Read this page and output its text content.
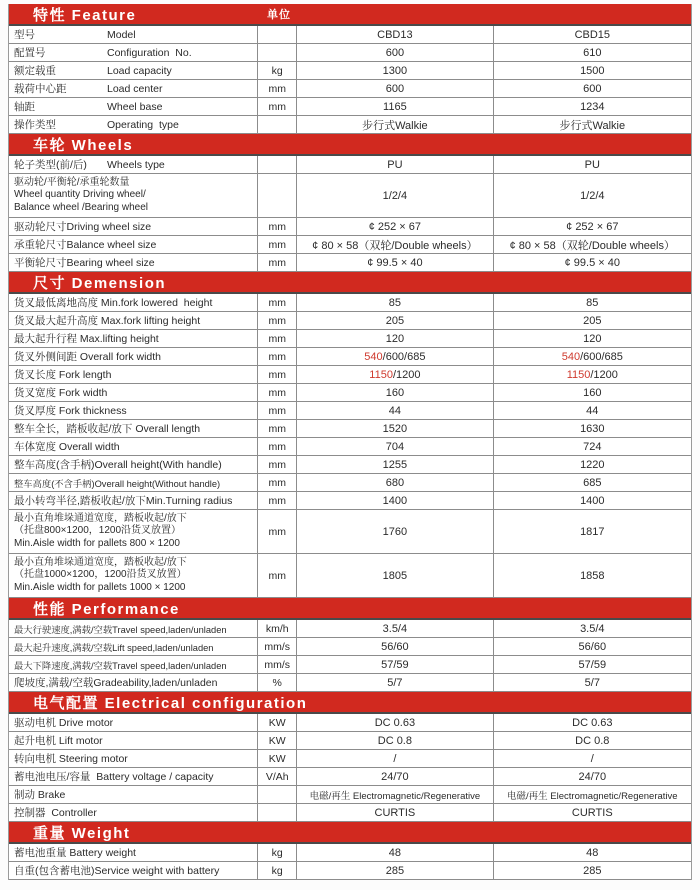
特性 Feature	单位
型号	Model	CBD13	CBD15
配置号	Configuration  No.	600	610
额定载重	Load capacity	kg	1300	1500
载荷中心距	Load center	mm	600	600
轴距	Wheel base	mm	1165	1234
操作类型	Operating  type	步行式Walkie	步行式Walkie
车轮 Wheels
轮子类型(前/后)	Wheels type	PU	PU
驱动轮/平衡轮/承重轮数量
Wheel quantity Driving wheel/
Balance wheel /Bearing wheel
1/2/4	1/2/4
驱动轮尺寸Driving wheel size	mm	¢ 252 × 67	¢ 252 × 67
承重轮尺寸Balance wheel size	mm ¢ 80 × 58（双轮/Double wheels）	¢ 80 × 58（双轮/Double wheels）
平衡轮尺寸Bearing wheel size	mm	¢ 99.5 × 40	¢ 99.5 × 40
尺寸 Demension
货叉最低离地高度 Min.fork lowered  height	mm	85	85
货叉最大起升高度 Max.fork lifting height	mm	205	205
最大起升行程 Max.lifting height	mm	120	120
货叉外侧间距 Overall fork width	mm	540 /600/685	540 /600/685
货叉长度 Fork length	mm	1150 /1200	1150 /1200
货叉宽度 Fork width	mm	160	160
货叉厚度 Fork thickness	mm	44	44
整车全长，踏板收起/放下 Overall length	mm	1520	1630
车体宽度 Overall width	mm	704	724
整车高度(含手柄)Overall height(With handle)	mm	1255	1220
整车高度(不含手柄)Overall height(Without handle)	mm	680	685
最小转弯半径,踏板收起/放下Min.Turning radius	mm	1400	1400
最小直角堆垛通道宽度，踏板收起/放下
（托盘800×1200，1200沿货叉放置）
Min.Aisle width for pallets 800 × 1200
mm	1760	1817
最小直角堆垛通道宽度，踏板收起/放下
（托盘1000×1200，1200沿货叉放置）
Min.Aisle width for pallets 1000 × 1200
mm	1805	1858
性能 Performance
最大行驶速度,满载/空载Travel speed,laden/unladen	km/h	3.5/4	3.5/4
最大起升速度,满载/空载Lift speed,laden/unladen	mm/s	56/60	56/60
最大下降速度,满载/空载Travel speed,laden/unladen	mm/s	57/59	57/59
爬坡度,满载/空载Gradeability,laden/unladen	%	5/7	5/7
电气配置 Electrical configuration
驱动电机 Drive motor	KW	DC 0.63	DC 0.63
起升电机 Lift motor	KW	DC 0.8	DC 0.8
转向电机 Steering motor	KW	/	/
蓄电池电压/容量  Battery voltage / capacity	V/Ah	24/70	24/70
制动 Brake	电磁/再生 Electromagnetic/Regenerative	电磁/再生 Electromagnetic/Regenerative
控制器  Controller	CURTIS	CURTIS
重量 Weight
蓄电池重量 Battery weight	kg	48	48
自重(包含蓄电池)Service weight with battery	kg	285	285
